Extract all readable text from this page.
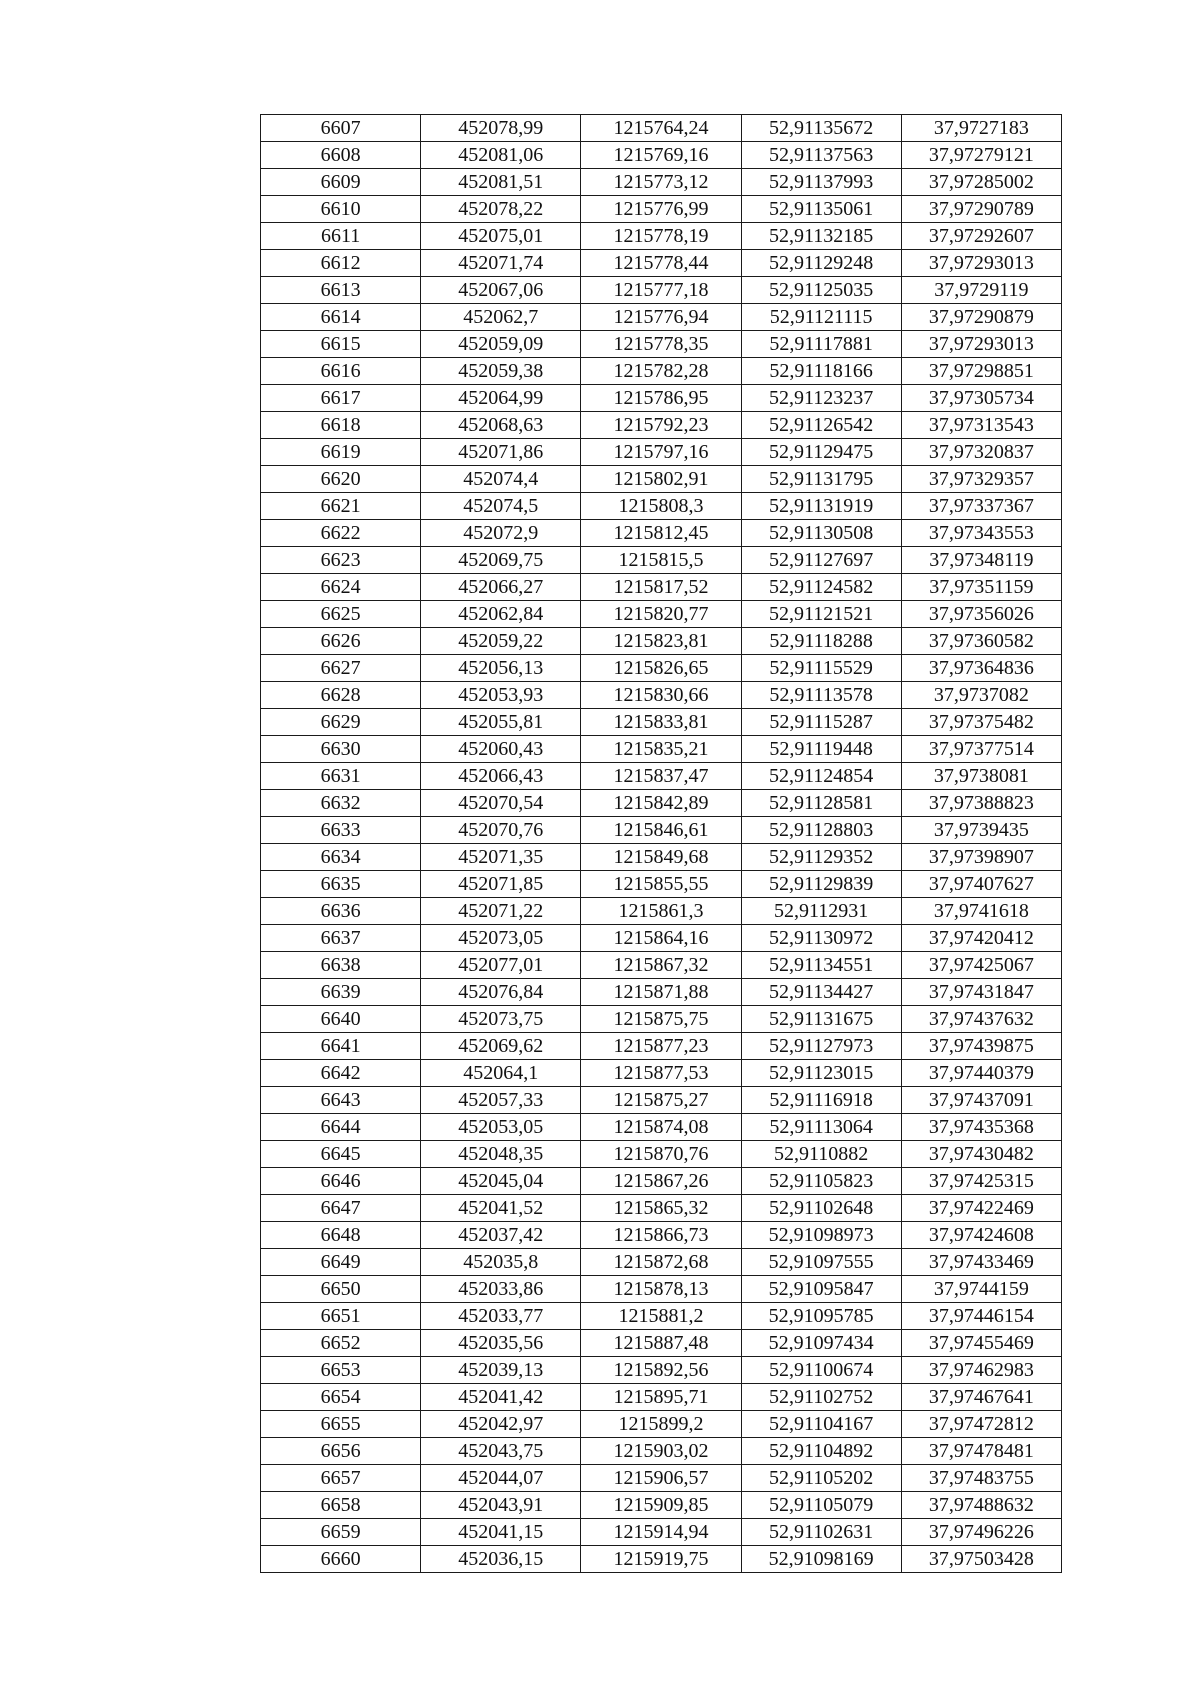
6607	452078,99	1215764,24	52,91135672	37,9727183
6608	452081,06	1215769,16	52,91137563	37,97279121
6609	452081,51	1215773,12	52,91137993	37,97285002
6610	452078,22	1215776,99	52,91135061	37,97290789
6611	452075,01	1215778,19	52,91132185	37,97292607
6612	452071,74	1215778,44	52,91129248	37,97293013
6613	452067,06	1215777,18	52,91125035	37,9729119
6614	452062,7	1215776,94	52,91121115	37,97290879
6615	452059,09	1215778,35	52,91117881	37,97293013
6616	452059,38	1215782,28	52,91118166	37,97298851
6617	452064,99	1215786,95	52,91123237	37,97305734
6618	452068,63	1215792,23	52,91126542	37,97313543
6619	452071,86	1215797,16	52,91129475	37,97320837
6620	452074,4	1215802,91	52,91131795	37,97329357
6621	452074,5	1215808,3	52,91131919	37,97337367
6622	452072,9	1215812,45	52,91130508	37,97343553
6623	452069,75	1215815,5	52,91127697	37,97348119
6624	452066,27	1215817,52	52,91124582	37,97351159
6625	452062,84	1215820,77	52,91121521	37,97356026
6626	452059,22	1215823,81	52,91118288	37,97360582
6627	452056,13	1215826,65	52,91115529	37,97364836
6628	452053,93	1215830,66	52,91113578	37,9737082
6629	452055,81	1215833,81	52,91115287	37,97375482
6630	452060,43	1215835,21	52,91119448	37,97377514
6631	452066,43	1215837,47	52,91124854	37,9738081
6632	452070,54	1215842,89	52,91128581	37,97388823
6633	452070,76	1215846,61	52,91128803	37,9739435
6634	452071,35	1215849,68	52,91129352	37,97398907
6635	452071,85	1215855,55	52,91129839	37,97407627
6636	452071,22	1215861,3	52,9112931	37,9741618
6637	452073,05	1215864,16	52,91130972	37,97420412
6638	452077,01	1215867,32	52,91134551	37,97425067
6639	452076,84	1215871,88	52,91134427	37,97431847
6640	452073,75	1215875,75	52,91131675	37,97437632
6641	452069,62	1215877,23	52,91127973	37,97439875
6642	452064,1	1215877,53	52,91123015	37,97440379
6643	452057,33	1215875,27	52,91116918	37,97437091
6644	452053,05	1215874,08	52,91113064	37,97435368
6645	452048,35	1215870,76	52,9110882	37,97430482
6646	452045,04	1215867,26	52,91105823	37,97425315
6647	452041,52	1215865,32	52,91102648	37,97422469
6648	452037,42	1215866,73	52,91098973	37,97424608
6649	452035,8	1215872,68	52,91097555	37,97433469
6650	452033,86	1215878,13	52,91095847	37,9744159
6651	452033,77	1215881,2	52,91095785	37,97446154
6652	452035,56	1215887,48	52,91097434	37,97455469
6653	452039,13	1215892,56	52,91100674	37,97462983
6654	452041,42	1215895,71	52,91102752	37,97467641
6655	452042,97	1215899,2	52,91104167	37,97472812
6656	452043,75	1215903,02	52,91104892	37,97478481
6657	452044,07	1215906,57	52,91105202	37,97483755
6658	452043,91	1215909,85	52,91105079	37,97488632
6659	452041,15	1215914,94	52,91102631	37,97496226
6660	452036,15	1215919,75	52,91098169	37,97503428
